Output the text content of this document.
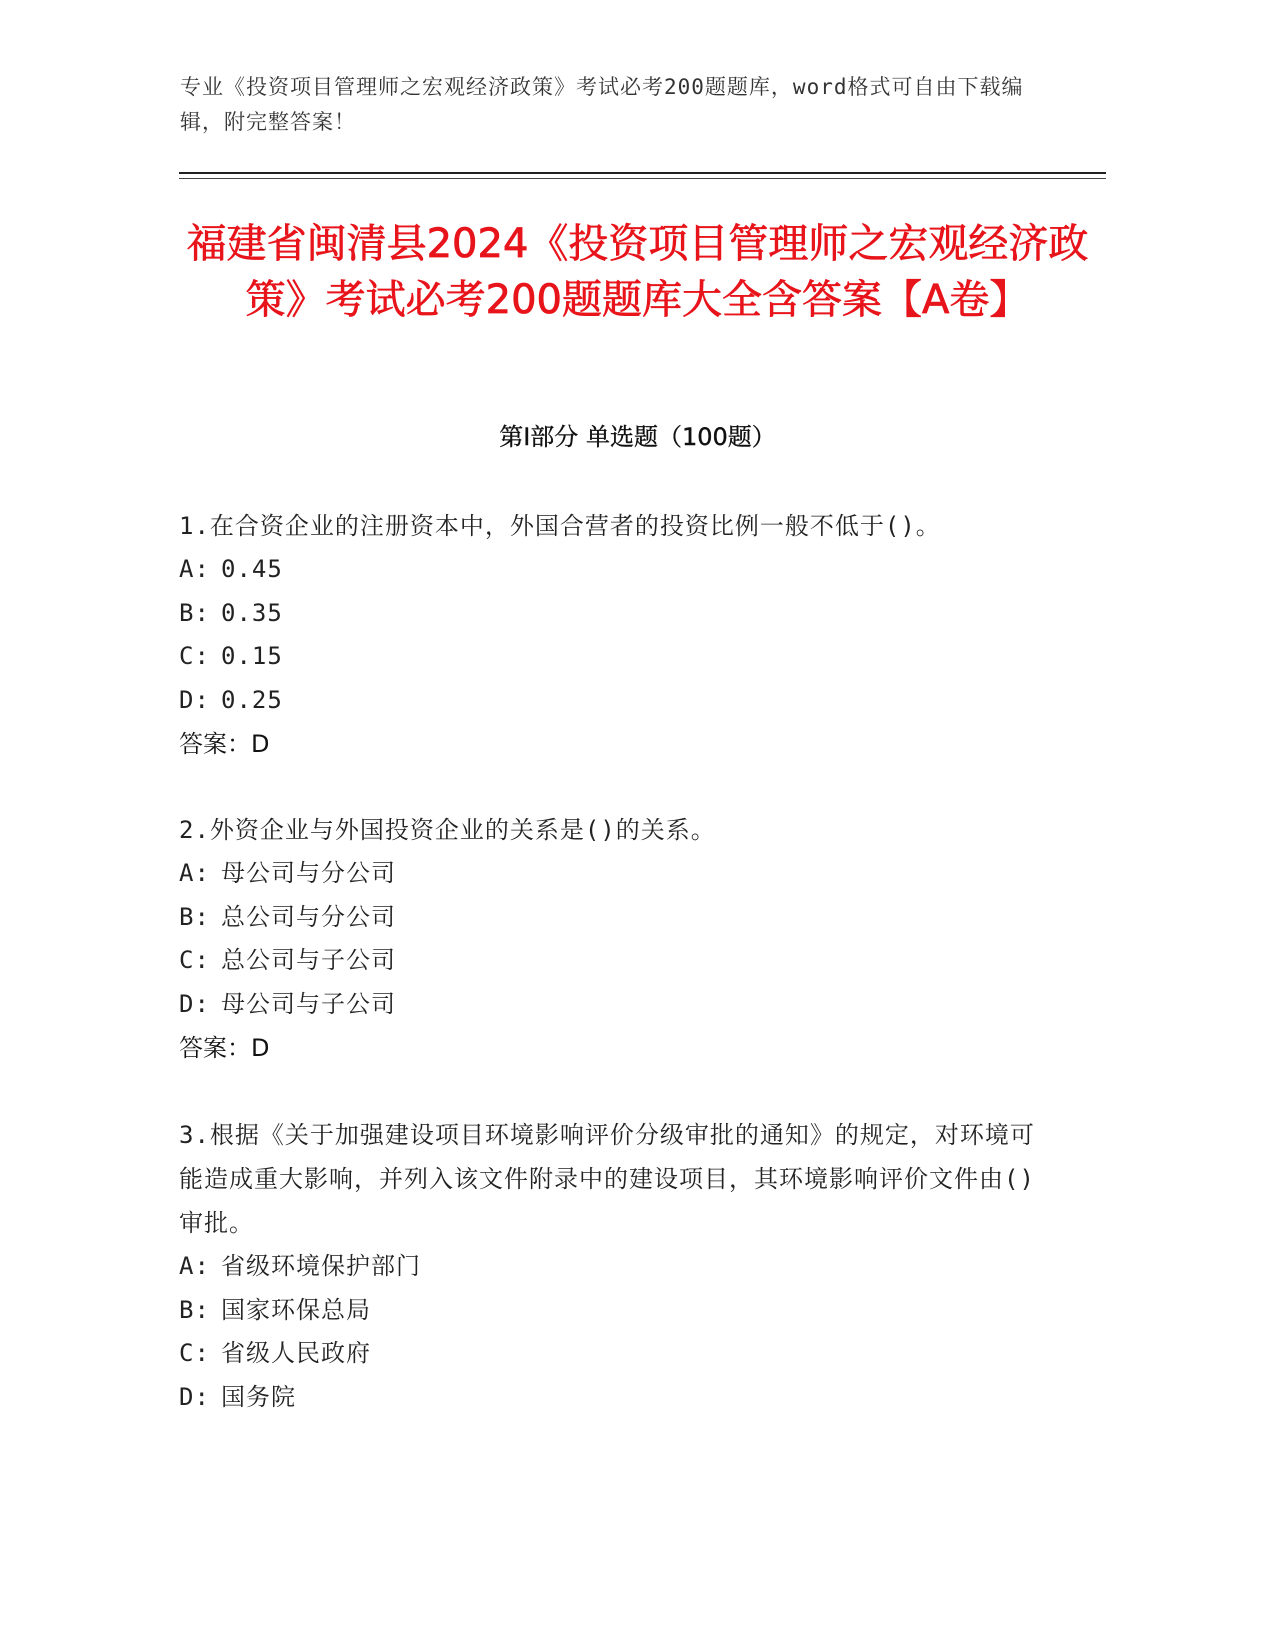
专业《投资项目管理师之宏观经济政策》考试必考200题题库，word格式可自由下载编辑，附完整答案！
福建省闽清县2024《投资项目管理师之宏观经济政策》考试必考200题题库大全含答案【A卷】
第I部分 单选题（100题）
1.在合资企业的注册资本中，外国合营者的投资比例一般不低于()。
A: 0.45
B: 0.35
C: 0.15
D: 0.25
答案：D
2.外资企业与外国投资企业的关系是()的关系。
A: 母公司与分公司
B: 总公司与分公司
C: 总公司与子公司
D: 母公司与子公司
答案：D
3.根据《关于加强建设项目环境影响评价分级审批的通知》的规定，对环境可能造成重大影响，并列入该文件附录中的建设项目，其环境影响评价文件由()审批。
A: 省级环境保护部门
B: 国家环保总局
C: 省级人民政府
D: 国务院
